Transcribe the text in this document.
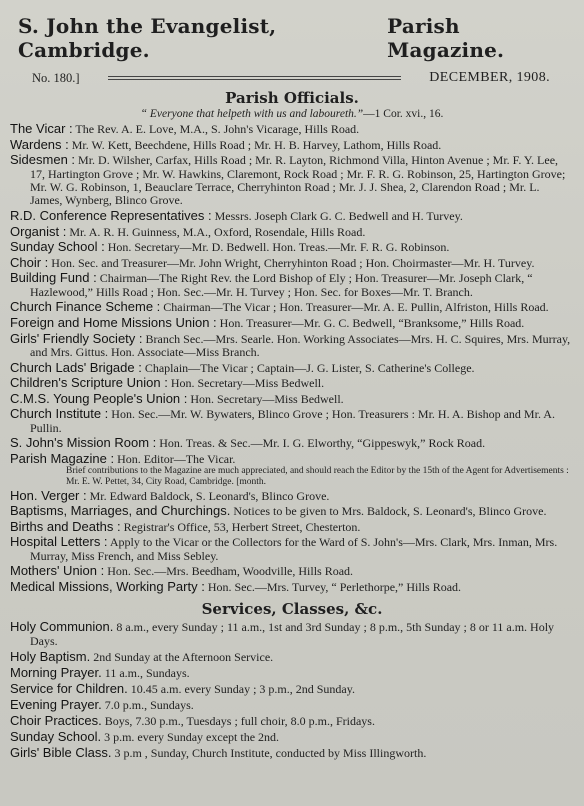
S. John the Evangelist, Cambridge.
Parish Magazine.
No. 180.]	DECEMBER, 1908.
Parish Officials.
“ Everyone that helpeth with us and laboureth.”—1 Cor. xvi., 16.
The Vicar : The Rev. A. E. Love, M.A., S. John's Vicarage, Hills Road.
Wardens : Mr. W. Kett, Beechdene, Hills Road ; Mr. H. B. Harvey, Lathom, Hills Road.
Sidesmen : Mr. D. Wilsher, Carfax, Hills Road ; Mr. R. Layton, Richmond Villa, Hinton Avenue ; Mr. F. Y. Lee, 17, Hartington Grove ; Mr. W. Hawkins, Claremont, Rock Road ; Mr. F. R. G. Robinson, 25, Hartington Grove; Mr. W. G. Robinson, 1, Beauclare Terrace, Cherryhinton Road ; Mr. J. J. Shea, 2, Clarendon Road ; Mr. L. James, Wynberg, Blinco Grove.
R.D. Conference Representatives : Messrs. Joseph Clark G. C. Bedwell and H. Turvey.
Organist : Mr. A. R. H. Guinness, M.A., Oxford, Rosendale, Hills Road.
Sunday School : Hon. Secretary—Mr. D. Bedwell. Hon. Treas.—Mr. F. R. G. Robinson.
Choir : Hon. Sec. and Treasurer—Mr. John Wright, Cherryhinton Road ; Hon. Choirmaster—Mr. H. Turvey.
Building Fund : Chairman—The Right Rev. the Lord Bishop of Ely ; Hon. Treasurer—Mr. Joseph Clark, “ Hazlewood,” Hills Road ; Hon. Sec.—Mr. H. Turvey ; Hon. Sec. for Boxes—Mr. T. Branch.
Church Finance Scheme : Chairman—The Vicar ; Hon. Treasurer—Mr. A. E. Pullin, Alfriston, Hills Road.
Foreign and Home Missions Union : Hon. Treasurer—Mr. G. C. Bedwell, “Branksome,” Hills Road.
Girls' Friendly Society : Branch Sec.—Mrs. Searle. Hon. Working Associates—Mrs. H. C. Squires, Mrs. Murray, and Mrs. Gittus. Hon. Associate—Miss Branch.
Church Lads' Brigade : Chaplain—The Vicar ; Captain—J. G. Lister, S. Catherine's College.
Children's Scripture Union : Hon. Secretary—Miss Bedwell.
C.M.S. Young People's Union : Hon. Secretary—Miss Bedwell.
Church Institute : Hon. Sec.—Mr. W. Bywaters, Blinco Grove ; Hon. Treasurers : Mr. H. A. Bishop and Mr. A. Pullin.
S. John's Mission Room : Hon. Treas. & Sec.—Mr. I. G. Elworthy, “Gippeswyk,” Rock Road.
Parish Magazine : Hon. Editor—The Vicar.
Brief contributions to the Magazine are much appreciated, and should reach the Editor by the 15th of the Agent for Advertisements : Mr. E. W. Pettet, 34, City Road, Cambridge. [month.
Hon. Verger : Mr. Edward Baldock, S. Leonard's, Blinco Grove.
Baptisms, Marriages, and Churchings. Notices to be given to Mrs. Baldock, S. Leonard's, Blinco Grove.
Births and Deaths : Registrar's Office, 53, Herbert Street, Chesterton.
Hospital Letters : Apply to the Vicar or the Collectors for the Ward of S. John's—Mrs. Clark, Mrs. Inman, Mrs. Murray, Miss French, and Miss Sebley.
Mothers' Union : Hon. Sec.—Mrs. Beedham, Woodville, Hills Road.
Medical Missions, Working Party : Hon. Sec.—Mrs. Turvey, “ Perlethorpe,” Hills Road.
Services, Classes, &c.
Holy Communion. 8 a.m., every Sunday ; 11 a.m., 1st and 3rd Sunday ; 8 p.m., 5th Sunday ; 8 or 11 a.m. Holy Days.
Holy Baptism. 2nd Sunday at the Afternoon Service.
Morning Prayer. 11 a.m., Sundays.
Service for Children. 10.45 a.m. every Sunday ; 3 p.m., 2nd Sunday.
Evening Prayer. 7.0 p.m., Sundays.
Choir Practices. Boys, 7.30 p.m., Tuesdays ; full choir, 8.0 p.m., Fridays.
Sunday School. 3 p.m. every Sunday except the 2nd.
Girls' Bible Class. 3 p.m , Sunday, Church Institute, conducted by Miss Illingworth.
